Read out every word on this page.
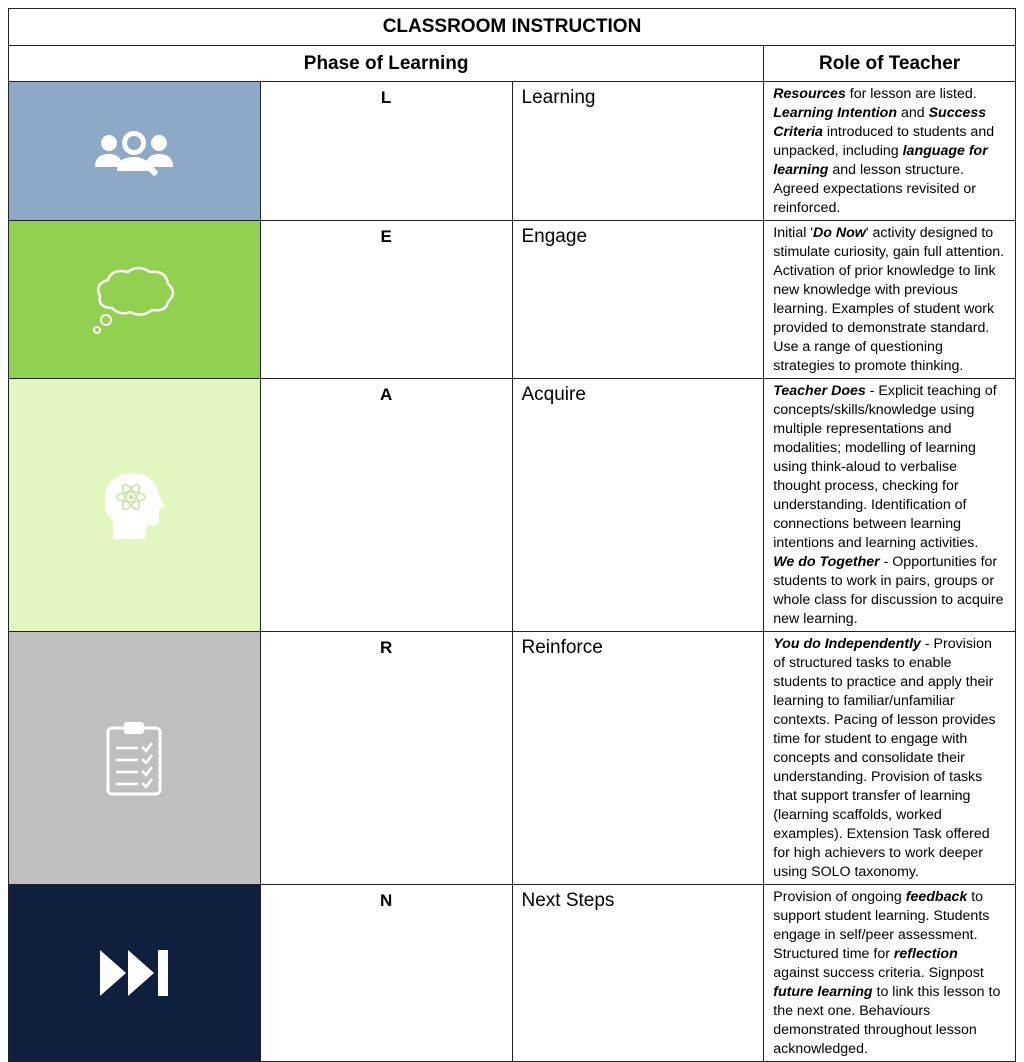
CLASSROOM INSTRUCTION			
Phase of Learning			Role of Teacher

	L	Learning	Resources for lesson are listed. Learning Intention and Success Criteria introduced to students and unpacked, including language for learning and lesson structure. Agreed expectations revisited or reinforced.

	E	Engage	Initial 'Do Now' activity designed to stimulate curiosity, gain full attention. Activation of prior knowledge to link new knowledge with previous learning. Examples of student work provided to demonstrate standard. Use a range of questioning strategies to promote thinking.

	A	Acquire	Teacher Does - Explicit teaching of concepts/skills/knowledge using multiple representations and modalities; modelling of learning using think-aloud to verbalise thought process, checking for understanding. Identification of connections between learning intentions and learning activities.
We do Together - Opportunities for students to work in pairs, groups or whole class for discussion to acquire new learning.

	R	Reinforce	You do Independently - Provision of structured tasks to enable students to practice and apply their learning to familiar/unfamiliar contexts. Pacing of lesson provides time for student to engage with concepts and consolidate their understanding. Provision of tasks that support transfer of learning (learning scaffolds, worked examples). Extension Task offered for high achievers to work deeper using SOLO taxonomy.

	N	Next Steps	Provision of ongoing feedback to support student learning. Students engage in self/peer assessment. Structured time for reflection against success criteria. Signpost future learning to link this lesson to the next one. Behaviours demonstrated throughout lesson acknowledged.
